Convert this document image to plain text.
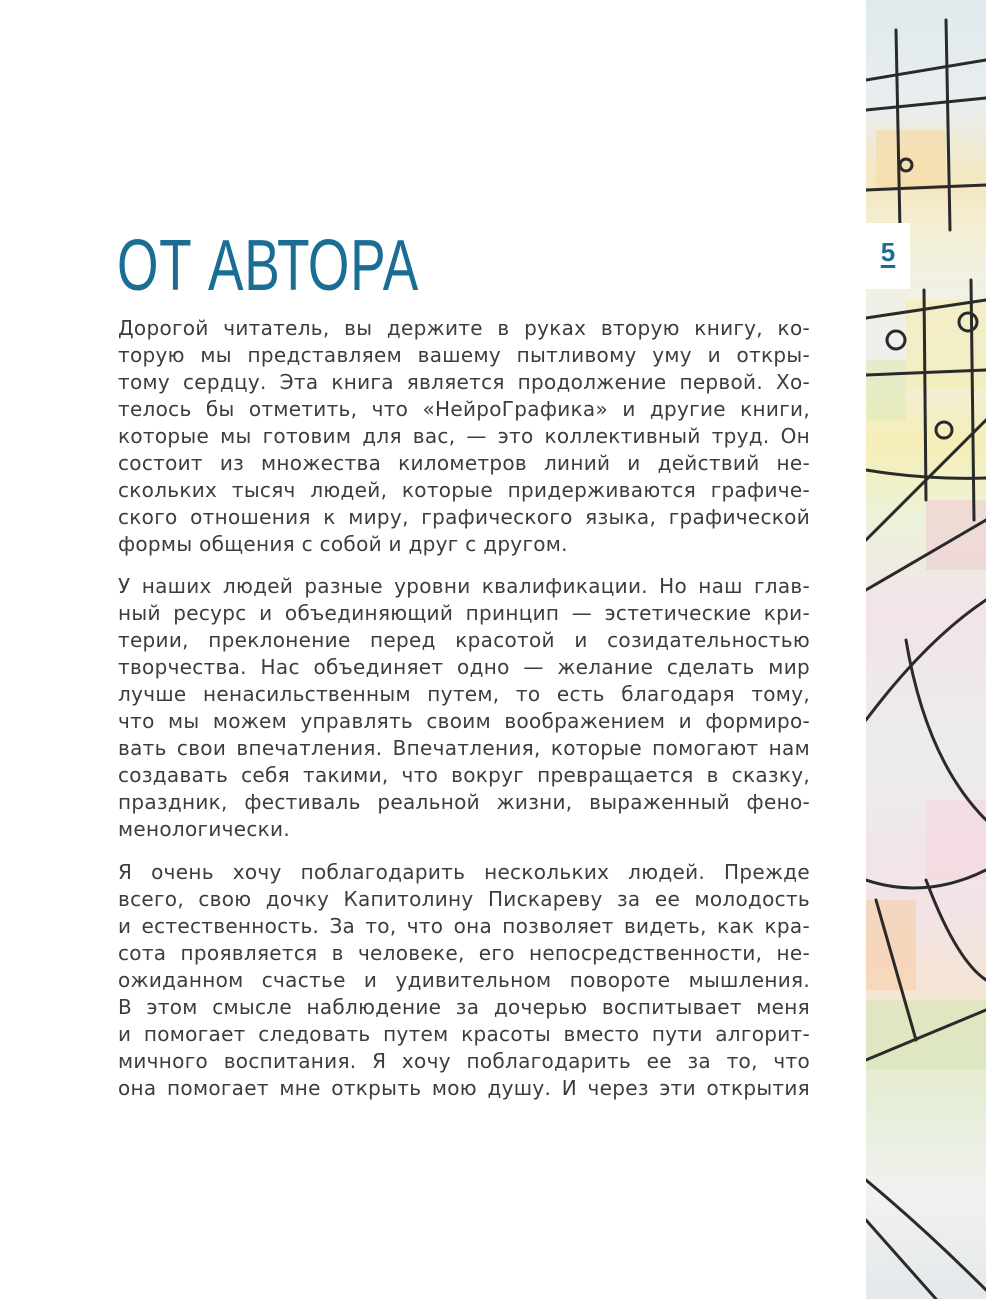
ОТ АВТОРА
Дорогой читатель, вы держите в руках вторую книгу, ко-
торую мы представляем вашему пытливому уму и откры-
тому сердцу. Эта книга является продолжение первой. Хо-
телось бы отметить, что «НейроГрафика» и другие книги,
которые мы готовим для вас, — это коллективный труд. Он
состоит из множества километров линий и действий не-
скольких тысяч людей, которые придерживаются графиче-
ского отношения к миру, графического языка, графической
формы общения с собой и друг с другом.
У наших людей разные уровни квалификации. Но наш глав-
ный ресурс и объединяющий принцип — эстетические кри-
терии, преклонение перед красотой и созидательностью
творчества. Нас объединяет одно — желание сделать мир
лучше ненасильственным путем, то есть благодаря тому,
что мы можем управлять своим воображением и формиро-
вать свои впечатления. Впечатления, которые помогают нам
создавать себя такими, что вокруг превращается в сказку,
праздник, фестиваль реальной жизни, выраженный фено-
менологически.
Я очень хочу поблагодарить нескольких людей. Прежде
всего, свою дочку Капитолину Пискареву за ее молодость
и естественность. За то, что она позволяет видеть, как кра-
сота проявляется в человеке, его непосредственности, не-
ожиданном счастье и удивительном повороте мышления.
В этом смысле наблюдение за дочерью воспитывает меня
и помогает следовать путем красоты вместо пути алгорит-
мичного воспитания. Я хочу поблагодарить ее за то, что
она помогает мне открыть мою душу. И через эти открытия
5
